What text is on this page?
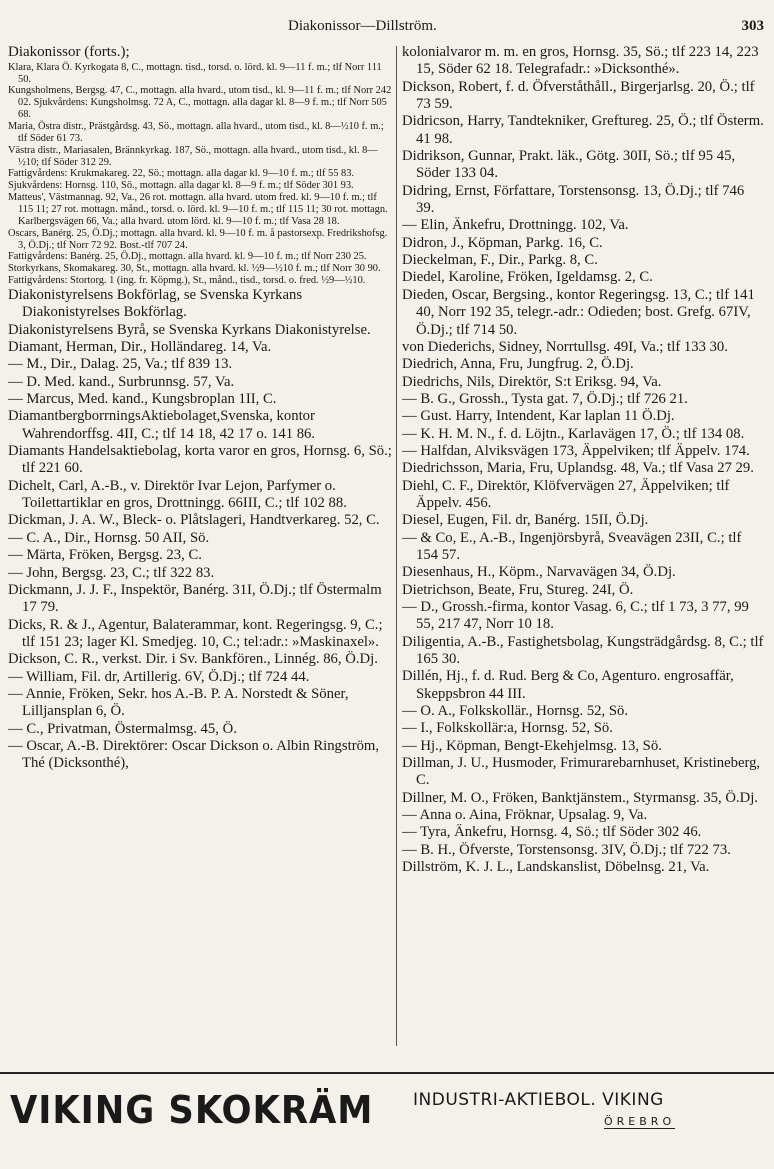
Diakonissor—Dillström.	303

Diakonissor (forts.);

Klara, Klara Ö. Kyrkogata 8, C., mottagn. tisd., torsd. o. lörd. kl. 9—11 f. m.; tlf Norr 111 50.

Kungsholmens, Bergsg. 47, C., mottagn. alla hvard., utom tisd., kl. 9—11 f. m.; tlf Norr 242 02. Sjukvårdens: Kungsholmsg. 72 A, C., mottagn. alla dagar kl. 8—9 f. m.; tlf Norr 505 68.

Maria, Östra distr., Prästgårdsg. 43, Sö., mottagn. alla hvard., utom tisd., kl. 8—½10 f. m.; tlf Söder 61 73.

Västra distr., Mariasalen, Brännkyrkag. 187, Sö., mottagn. alla hvard., utom tisd., kl. 8—½10; tlf Söder 312 29.

Fattigvårdens: Krukmakareg. 22, Sö.; mottagn. alla dagar kl. 9—10 f. m.; tlf 55 83.

Sjukvårdens: Hornsg. 110, Sö., mottagn. alla dagar kl. 8—9 f. m.; tlf Söder 301 93.

Matteus', Västmannag. 92, Va., 26 rot. mottagn. alla hvard. utom fred. kl. 9—10 f. m.; tlf 115 11; 27 rot. mottagn. månd., torsd. o. lörd. kl. 9—10 f. m.; tlf 115 11; 30 rot. mottagn. Karlbergsvägen 66, Va.; alla hvard. utom lörd. kl. 9—10 f. m.; tlf Vasa 28 18.

Oscars, Banérg. 25, Ö.Dj.; mottagn. alla hvard. kl. 9—10 f. m. å pastorsexp. Fredrikshofsg. 3, Ö.Dj.; tlf Norr 72 92. Bost.-tlf 707 24.

Fattigvårdens: Banérg. 25, Ö.Dj., mottagn. alla hvard. kl. 9—10 f. m.; tlf Norr 230 25.

Storkyrkans, Skomakareg. 30, St., mottagn. alla hvard. kl. ½9—½10 f. m.; tlf Norr 30 90.

Fattigvårdens: Stortorg. 1 (ing. fr. Köpmg.), St., månd., tisd., torsd. o. fred. ½9—½10.

Diakonistyrelsens Bokförlag, se Svenska Kyrkans Diakonistyrelses Bokförlag.

Diakonistyrelsens Byrå, se Svenska Kyrkans Diakonistyrelse.

Diamant, Herman, Dir., Holländareg. 14, Va.

— M., Dir., Dalag. 25, Va.; tlf 839 13.

— D. Med. kand., Surbrunnsg. 57, Va.

— Marcus, Med. kand., Kungsbroplan 1II, C.

DiamantbergborrningsAktiebolaget,Svenska, kontor Wahrendorffsg. 4II, C.; tlf 14 18, 42 17 o. 141 86.

Diamants Handelsaktiebolag, korta varor en gros, Hornsg. 6, Sö.; tlf 221 60.

Dichelt, Carl, A.-B., v. Direktör Ivar Lejon, Parfymer o. Toilettartiklar en gros, Drottningg. 66III, C.; tlf 102 88.

Dickman, J. A. W., Bleck- o. Plåtslageri, Handtverkareg. 52, C.

— C. A., Dir., Hornsg. 50 AII, Sö.

— Märta, Fröken, Bergsg. 23, C.

— John, Bergsg. 23, C.; tlf 322 83.

Dickmann, J. J. F., Inspektör, Banérg. 31I, Ö.Dj.; tlf Östermalm 17 79.

Dicks, R. & J., Agentur, Balaterammar, kont. Regeringsg. 9, C.; tlf 151 23; lager Kl. Smedjeg. 10, C.; tel:adr.: »Maskinaxel».

Dickson, C. R., verkst. Dir. i Sv. Bankfören., Linnég. 86, Ö.Dj.

— William, Fil. dr, Artillerig. 6V, Ö.Dj.; tlf 724 44.

— Annie, Fröken, Sekr. hos A.-B. P. A. Norstedt & Söner, Lilljansplan 6, Ö.

— C., Privatman, Östermalmsg. 45, Ö.

— Oscar, A.-B. Direktörer: Oscar Dickson o. Albin Ringström, Thé (Dicksonthé),

kolonialvaror m. m. en gros, Hornsg. 35, Sö.; tlf 223 14, 223 15, Söder 62 18. Telegrafadr.: »Dicksonthé».

Dickson, Robert, f. d. Öfverståthåll., Birgerjarlsg. 20, Ö.; tlf 73 59.

Didricson, Harry, Tandtekniker, Greftureg. 25, Ö.; tlf Österm. 41 98.

Didrikson, Gunnar, Prakt. läk., Götg. 30II, Sö.; tlf 95 45, Söder 133 04.

Didring, Ernst, Författare, Torstensonsg. 13, Ö.Dj.; tlf 746 39.

— Elin, Änkefru, Drottningg. 102, Va.

Didron, J., Köpman, Parkg. 16, C.

Dieckelman, F., Dir., Parkg. 8, C.

Diedel, Karoline, Fröken, Igeldamsg. 2, C.

Dieden, Oscar, Bergsing., kontor Regeringsg. 13, C.; tlf 141 40, Norr 192 35, telegr.-adr.: Odieden; bost. Grefg. 67IV, Ö.Dj.; tlf 714 50.

von Diederichs, Sidney, Norrtullsg. 49I, Va.; tlf 133 30.

Diedrich, Anna, Fru, Jungfrug. 2, Ö.Dj.

Diedrichs, Nils, Direktör, S:t Eriksg. 94, Va.

— B. G., Grossh., Tysta gat. 7, Ö.Dj.; tlf 726 21.

— Gust. Harry, Intendent, Kar laplan 11 Ö.Dj.

— K. H. M. N., f. d. Löjtn., Karlavägen 17, Ö.; tlf 134 08.

— Halfdan, Alviksvägen 173, Äppelviken; tlf Äppelv. 174.

Diedrichsson, Maria, Fru, Uplandsg. 48, Va.; tlf Vasa 27 29.

Diehl, C. F., Direktör, Klöfvervägen 27, Äppelviken; tlf Äppelv. 456.

Diesel, Eugen, Fil. dr, Banérg. 15II, Ö.Dj.

— & Co, E., A.-B., Ingenjörsbyrå, Sveavägen 23II, C.; tlf 154 57.

Diesenhaus, H., Köpm., Narvavägen 34, Ö.Dj.

Dietrichson, Beate, Fru, Stureg. 24I, Ö.

— D., Grossh.-firma, kontor Vasag. 6, C.; tlf 1 73, 3 77, 99 55, 217 47, Norr 10 18.

Diligentia, A.-B., Fastighetsbolag, Kungsträdgårdsg. 8, C.; tlf 165 30.

Dillén, Hj., f. d. Rud. Berg & Co, Agenturo. engrosaffär, Skeppsbron 44 III.

— O. A., Folkskollär., Hornsg. 52, Sö.

— I., Folkskollär:a, Hornsg. 52, Sö.

— Hj., Köpman, Bengt-Ekehjelmsg. 13, Sö.

Dillman, J. U., Husmoder, Frimurarebarnhuset, Kristineberg, C.

Dillner, M. O., Fröken, Banktjänstem., Styrmansg. 35, Ö.Dj.

— Anna o. Aina, Fröknar, Upsalag. 9, Va.

— Tyra, Änkefru, Hornsg. 4, Sö.; tlf Söder 302 46.

— B. H., Öfverste, Torstensonsg. 3IV, Ö.Dj.; tlf 722 73.

Dillström, K. J. L., Landskanslist, Döbelnsg. 21, Va.

VIKING SKOKRÄM INDUSTRI-AKTIEBOL. VIKING
ÖREBRO
